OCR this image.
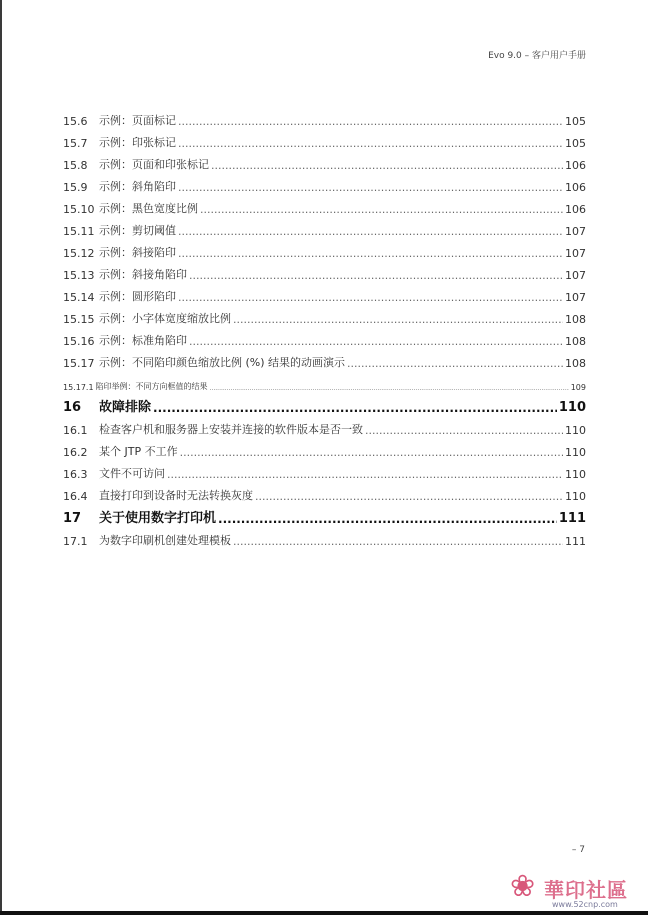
Evo 9.0 – 客户用户手册
15.6	示例：页面标记 .....	105
15.7	示例：印张标记 .....	105
15.8	示例：页面和印张标记 .....	106
15.9	示例：斜角陷印 .....	106
15.10 示例：黑色宽度比例 .....	106
15.11 示例：剪切阈值 .....	107
15.12 示例：斜接陷印 .....	107
15.13 示例：斜接角陷印 .....	107
15.14 示例：圆形陷印 .....	107
15.15 示例：小字体宽度缩放比例 .....	108
15.16 示例：标准角陷印 .....	108
15.17 示例：不同陷印颜色缩放比例 (%) 结果的动画演示 .....	108
15.17.1 陷印举例：不同方向框值的结果 .....	109
16	故障排除 .....	110
16.1	检查客户机和服务器上安装并连接的软件版本是否一致 .....	110
16.2	某个 JTP 不工作 .....	110
16.3	文件不可访问 .....	110
16.4	直接打印到设备时无法转换灰度 .....	110
17	关于使用数字打印机 .....	111
17.1	为数字印刷机创建处理模板 .....	111
– 7
❀ 華印社區
www.52cnp.com
